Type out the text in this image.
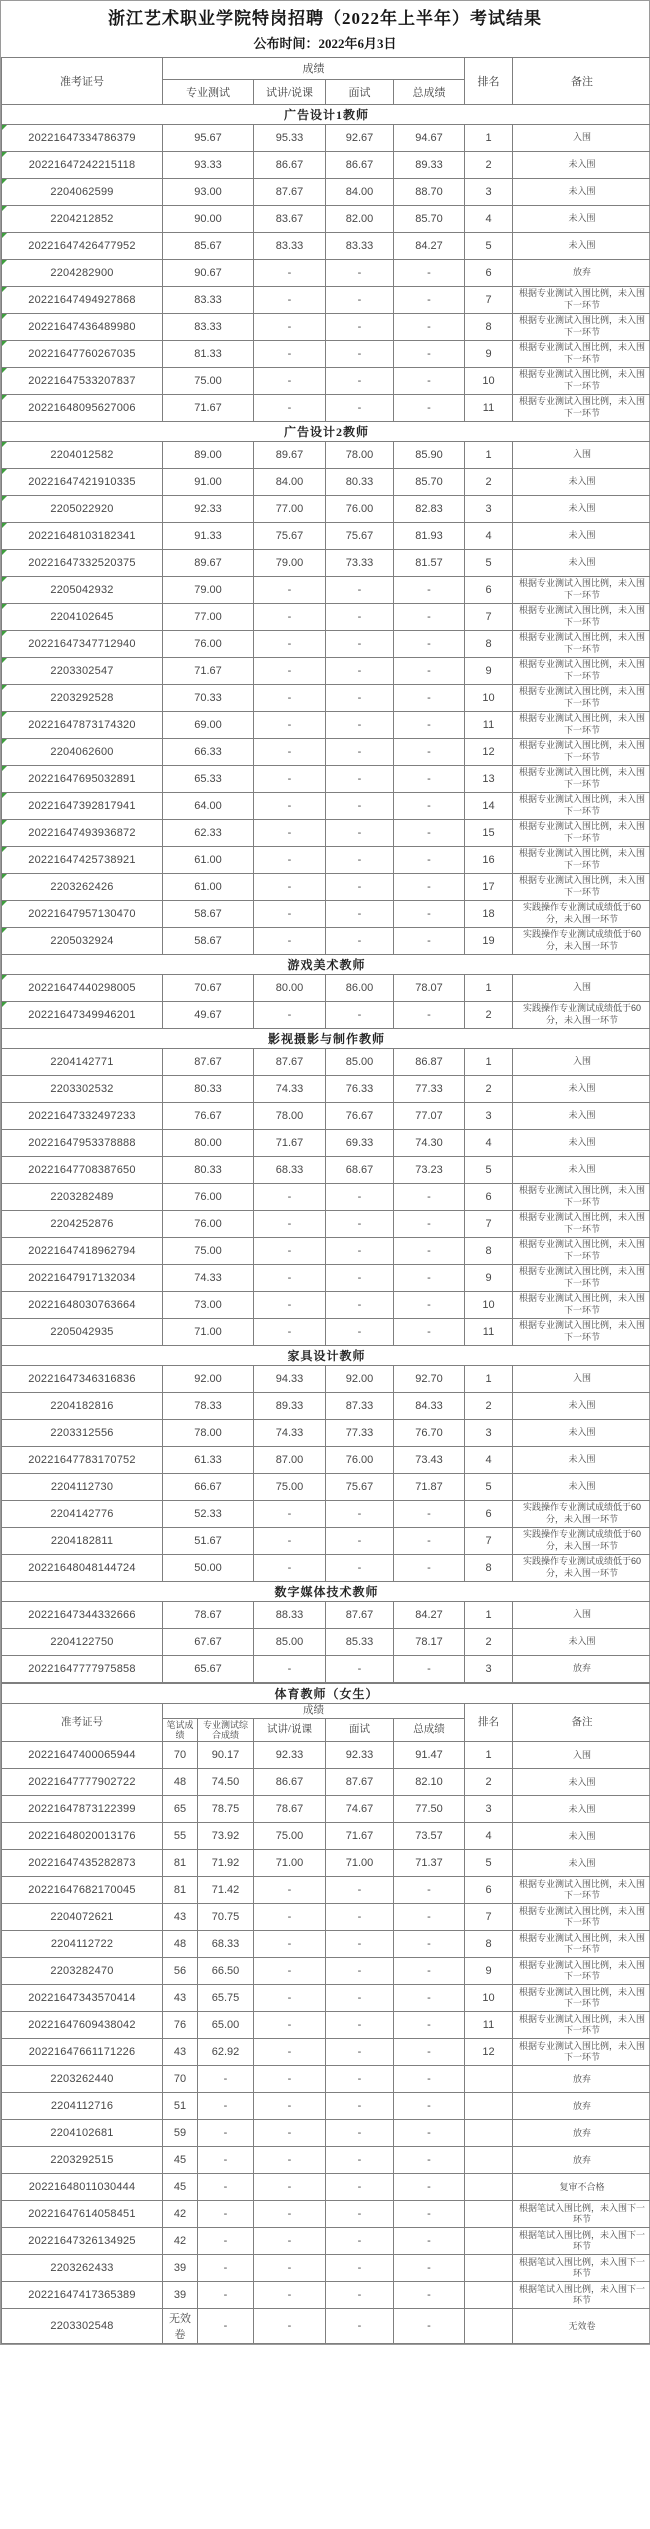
浙江艺术职业学院特岗招聘（2022年上半年）考试结果
公布时间：2022年6月3日
准考证号	成绩				排名	备注
	专业测试	试讲/说课	面试	总成绩		
广告设计1教师						
20221647334786379	95.67	95.33	92.67	94.67	1	入围
20221647242215118	93.33	86.67	86.67	89.33	2	未入围
2204062599	93.00	87.67	84.00	88.70	3	未入围
2204212852	90.00	83.67	82.00	85.70	4	未入围
20221647426477952	85.67	83.33	83.33	84.27	5	未入围
2204282900	90.67	-	-	-	6	放弃
20221647494927868	83.33	-	-	-	7	根据专业测试入围比例，未入围下一环节
20221647436489980	83.33	-	-	-	8	根据专业测试入围比例，未入围下一环节
20221647760267035	81.33	-	-	-	9	根据专业测试入围比例，未入围下一环节
20221647533207837	75.00	-	-	-	10	根据专业测试入围比例，未入围下一环节
20221648095627006	71.67	-	-	-	11	根据专业测试入围比例，未入围下一环节
广告设计2教师						
2204012582	89.00	89.67	78.00	85.90	1	入围
20221647421910335	91.00	84.00	80.33	85.70	2	未入围
2205022920	92.33	77.00	76.00	82.83	3	未入围
20221648103182341	91.33	75.67	75.67	81.93	4	未入围
20221647332520375	89.67	79.00	73.33	81.57	5	未入围
2205042932	79.00	-	-	-	6	根据专业测试入围比例，未入围下一环节
2204102645	77.00	-	-	-	7	根据专业测试入围比例，未入围下一环节
20221647347712940	76.00	-	-	-	8	根据专业测试入围比例，未入围下一环节
2203302547	71.67	-	-	-	9	根据专业测试入围比例，未入围下一环节
2203292528	70.33	-	-	-	10	根据专业测试入围比例，未入围下一环节
20221647873174320	69.00	-	-	-	11	根据专业测试入围比例，未入围下一环节
2204062600	66.33	-	-	-	12	根据专业测试入围比例，未入围下一环节
20221647695032891	65.33	-	-	-	13	根据专业测试入围比例，未入围下一环节
20221647392817941	64.00	-	-	-	14	根据专业测试入围比例，未入围下一环节
20221647493936872	62.33	-	-	-	15	根据专业测试入围比例，未入围下一环节
20221647425738921	61.00	-	-	-	16	根据专业测试入围比例，未入围下一环节
2203262426	61.00	-	-	-	17	根据专业测试入围比例，未入围下一环节
20221647957130470	58.67	-	-	-	18	实践操作专业测试成绩低于60分，未入围一环节
2205032924	58.67	-	-	-	19	实践操作专业测试成绩低于60分，未入围一环节
游戏美术教师						
20221647440298005	70.67	80.00	86.00	78.07	1	入围
20221647349946201	49.67	-	-	-	2	实践操作专业测试成绩低于60分，未入围一环节
影视摄影与制作教师						
2204142771	87.67	87.67	85.00	86.87	1	入围
2203302532	80.33	74.33	76.33	77.33	2	未入围
20221647332497233	76.67	78.00	76.67	77.07	3	未入围
20221647953378888	80.00	71.67	69.33	74.30	4	未入围
20221647708387650	80.33	68.33	68.67	73.23	5	未入围
2203282489	76.00	-	-	-	6	根据专业测试入围比例，未入围下一环节
2204252876	76.00	-	-	-	7	根据专业测试入围比例，未入围下一环节
20221647418962794	75.00	-	-	-	8	根据专业测试入围比例，未入围下一环节
20221647917132034	74.33	-	-	-	9	根据专业测试入围比例，未入围下一环节
20221648030763664	73.00	-	-	-	10	根据专业测试入围比例，未入围下一环节
2205042935	71.00	-	-	-	11	根据专业测试入围比例，未入围下一环节
家具设计教师						
20221647346316836	92.00	94.33	92.00	92.70	1	入围
2204182816	78.33	89.33	87.33	84.33	2	未入围
2203312556	78.00	74.33	77.33	76.70	3	未入围
20221647783170752	61.33	87.00	76.00	73.43	4	未入围
2204112730	66.67	75.00	75.67	71.87	5	未入围
2204142776	52.33	-	-	-	6	实践操作专业测试成绩低于60分，未入围一环节
2204182811	51.67	-	-	-	7	实践操作专业测试成绩低于60分，未入围一环节
20221648048144724	50.00	-	-	-	8	实践操作专业测试成绩低于60分，未入围一环节
数字媒体技术教师						
20221647344332666	78.67	88.33	87.67	84.27	1	入围
2204122750	67.67	85.00	85.33	78.17	2	未入围
20221647777975858	65.67	-	-	-	3	放弃
体育教师（女生）							
准考证号	成绩					排名	备注
	笔试成绩	专业测试综合成绩	试讲/说课	面试	总成绩		
20221647400065944	70	90.17	92.33	92.33	91.47	1	入围
20221647777902722	48	74.50	86.67	87.67	82.10	2	未入围
20221647873122399	65	78.75	78.67	74.67	77.50	3	未入围
20221648020013176	55	73.92	75.00	71.67	73.57	4	未入围
20221647435282873	81	71.92	71.00	71.00	71.37	5	未入围
20221647682170045	81	71.42	-	-	-	6	根据专业测试入围比例，未入围下一环节
2204072621	43	70.75	-	-	-	7	根据专业测试入围比例，未入围下一环节
2204112722	48	68.33	-	-	-	8	根据专业测试入围比例，未入围下一环节
2203282470	56	66.50	-	-	-	9	根据专业测试入围比例，未入围下一环节
20221647343570414	43	65.75	-	-	-	10	根据专业测试入围比例，未入围下一环节
20221647609438042	76	65.00	-	-	-	11	根据专业测试入围比例，未入围下一环节
20221647661171226	43	62.92	-	-	-	12	根据专业测试入围比例，未入围下一环节
2203262440	70	-	-	-	-		放弃
2204112716	51	-	-	-	-		放弃
2204102681	59	-	-	-	-		放弃
2203292515	45	-	-	-	-		放弃
20221648011030444	45	-	-	-	-		复审不合格
20221647614058451	42	-	-	-	-		根据笔试入围比例，未入围下一环节
20221647326134925	42	-	-	-	-		根据笔试入围比例，未入围下一环节
2203262433	39	-	-	-	-		根据笔试入围比例，未入围下一环节
20221647417365389	39	-	-	-	-		根据笔试入围比例，未入围下一环节
2203302548	无效卷	-	-	-	-		无效卷
